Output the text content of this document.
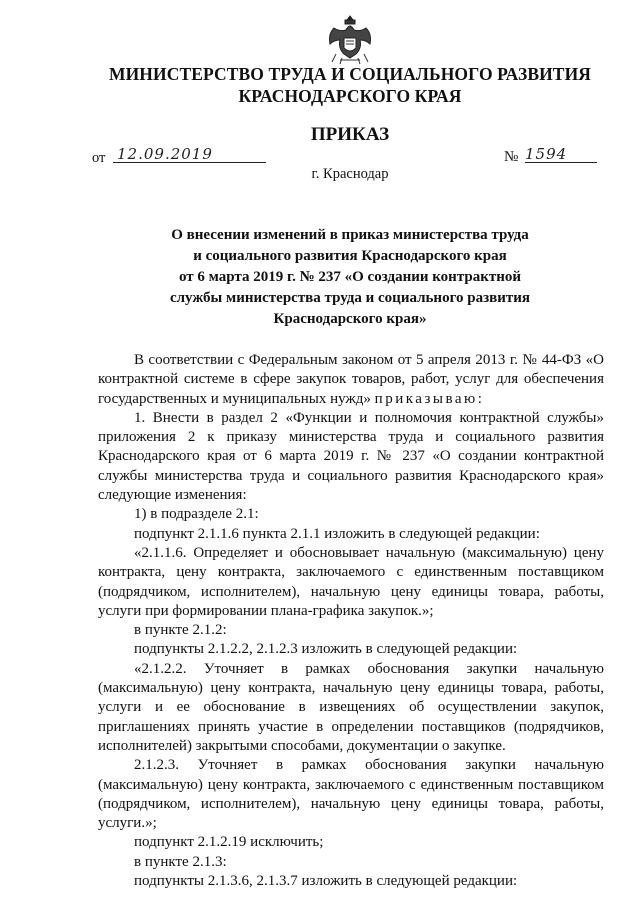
МИНИСТЕРСТВО ТРУДА И СОЦИАЛЬНОГО РАЗВИТИЯ
КРАСНОДАРСКОГО КРАЯ
ПРИКАЗ
от 12.09.2019	№ 1594
г. Краснодар
О внесении изменений в приказ министерства труда
и социального развития Краснодарского края
от 6 марта 2019 г. № 237 «О создании контрактной
службы министерства труда и социального развития
Краснодарского края»

В соответствии с Федеральным законом от 5 апреля 2013 г. № 44-ФЗ «О контрактной системе в сфере закупок товаров, работ, услуг для обеспечения государственных и муниципальных нужд» приказываю:

1. Внести в раздел 2 «Функции и полномочия контрактной службы» приложения 2 к приказу министерства труда и социального развития Краснодарского края от 6 марта 2019 г. № 237 «О создании контрактной службы министерства труда и социального развития Краснодарского края» следующие изменения:

1) в подразделе 2.1:

подпункт 2.1.1.6 пункта 2.1.1 изложить в следующей редакции:

«2.1.1.6. Определяет и обосновывает начальную (максимальную) цену контракта, цену контракта, заключаемого с единственным поставщиком (подрядчиком, исполнителем), начальную цену единицы товара, работы, услуги при формировании плана-графика закупок.»;

в пункте 2.1.2:

подпункты 2.1.2.2, 2.1.2.3 изложить в следующей редакции:

«2.1.2.2. Уточняет в рамках обоснования закупки начальную (максимальную) цену контракта, начальную цену единицы товара, работы, услуги и ее обоснование в извещениях об осуществлении закупок, приглашениях принять участие в определении поставщиков (подрядчиков, исполнителей) закрытыми способами, документации о закупке.

2.1.2.3. Уточняет в рамках обоснования закупки начальную (максимальную) цену контракта, заключаемого с единственным поставщиком (подрядчиком, исполнителем), начальную цену единицы товара, работы, услуги.»;

подпункт 2.1.2.19 исключить;

в пункте 2.1.3:

подпункты 2.1.3.6, 2.1.3.7 изложить в следующей редакции:
